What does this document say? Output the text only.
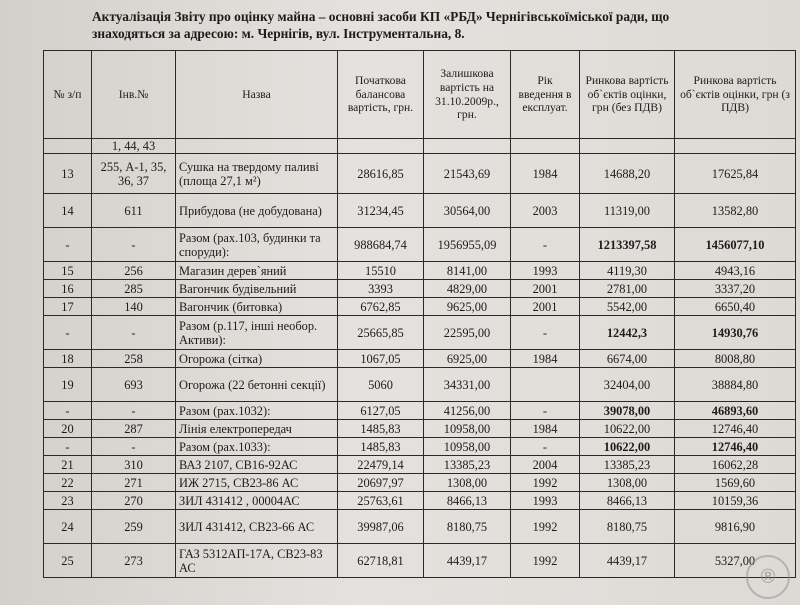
Актуалізація Звіту про оцінку майна – основні засоби КП «РБД» Чернігівськоїміської ради, що
знаходяться за адресою: м. Чернігів, вул. Інструментальна, 8.
№ з/п	Інв.№	Назва	Початкова балансова вартість, грн.	Залишкова вартість на 31.10.2009р., грн.	Рік введення в експлуат.	Ринкова вартість об`єктів оцінки, грн (без ПДВ)	Ринкова вартість об`єктів оцінки, грн (з ПДВ)
	1, 44, 43						
13	255, А-1, 35, 36, 37	Сушка на твердому паливі (площа 27,1 м²)	28616,85	21543,69	1984	14688,20	17625,84
14	611	Прибудова (не добудована)	31234,45	30564,00	2003	11319,00	13582,80
-	-	Разом (рах.103, будинки та споруди):	988684,74	1956955,09	-	1213397,58	1456077,10
15	256	Магазин дерев`яний	15510	8141,00	1993	4119,30	4943,16
16	285	Вагончик будівельний	3393	4829,00	2001	2781,00	3337,20
17	140	Вагончик (битовка)	6762,85	9625,00	2001	5542,00	6650,40
-	-	Разом (р.117, інші необор. Активи):	25665,85	22595,00	-	12442,3	14930,76
18	258	Огорожа (сітка)	1067,05	6925,00	1984	6674,00	8008,80
19	693	Огорожа (22 бетонні секції)	5060	34331,00		32404,00	38884,80
-	-	Разом (рах.1032):	6127,05	41256,00	-	39078,00	46893,60
20	287	Лінія електропередач	1485,83	10958,00	1984	10622,00	12746,40
-	-	Разом (рах.1033):	1485,83	10958,00	-	10622,00	12746,40
21	310	ВАЗ 2107, СВ16-92АС	22479,14	13385,23	2004	13385,23	16062,28
22	271	ИЖ 2715, СВ23-86 АС	20697,97	1308,00	1992	1308,00	1569,60
23	270	ЗИЛ 431412 , 00004АС	25763,61	8466,13	1993	8466,13	10159,36
24	259	ЗИЛ 431412, СВ23-66 АС	39987,06	8180,75	1992	8180,75	9816,90
25	273	ГАЗ 5312АП-17А, СВ23-83 АС	62718,81	4439,17	1992	4439,17	5327,00
®
